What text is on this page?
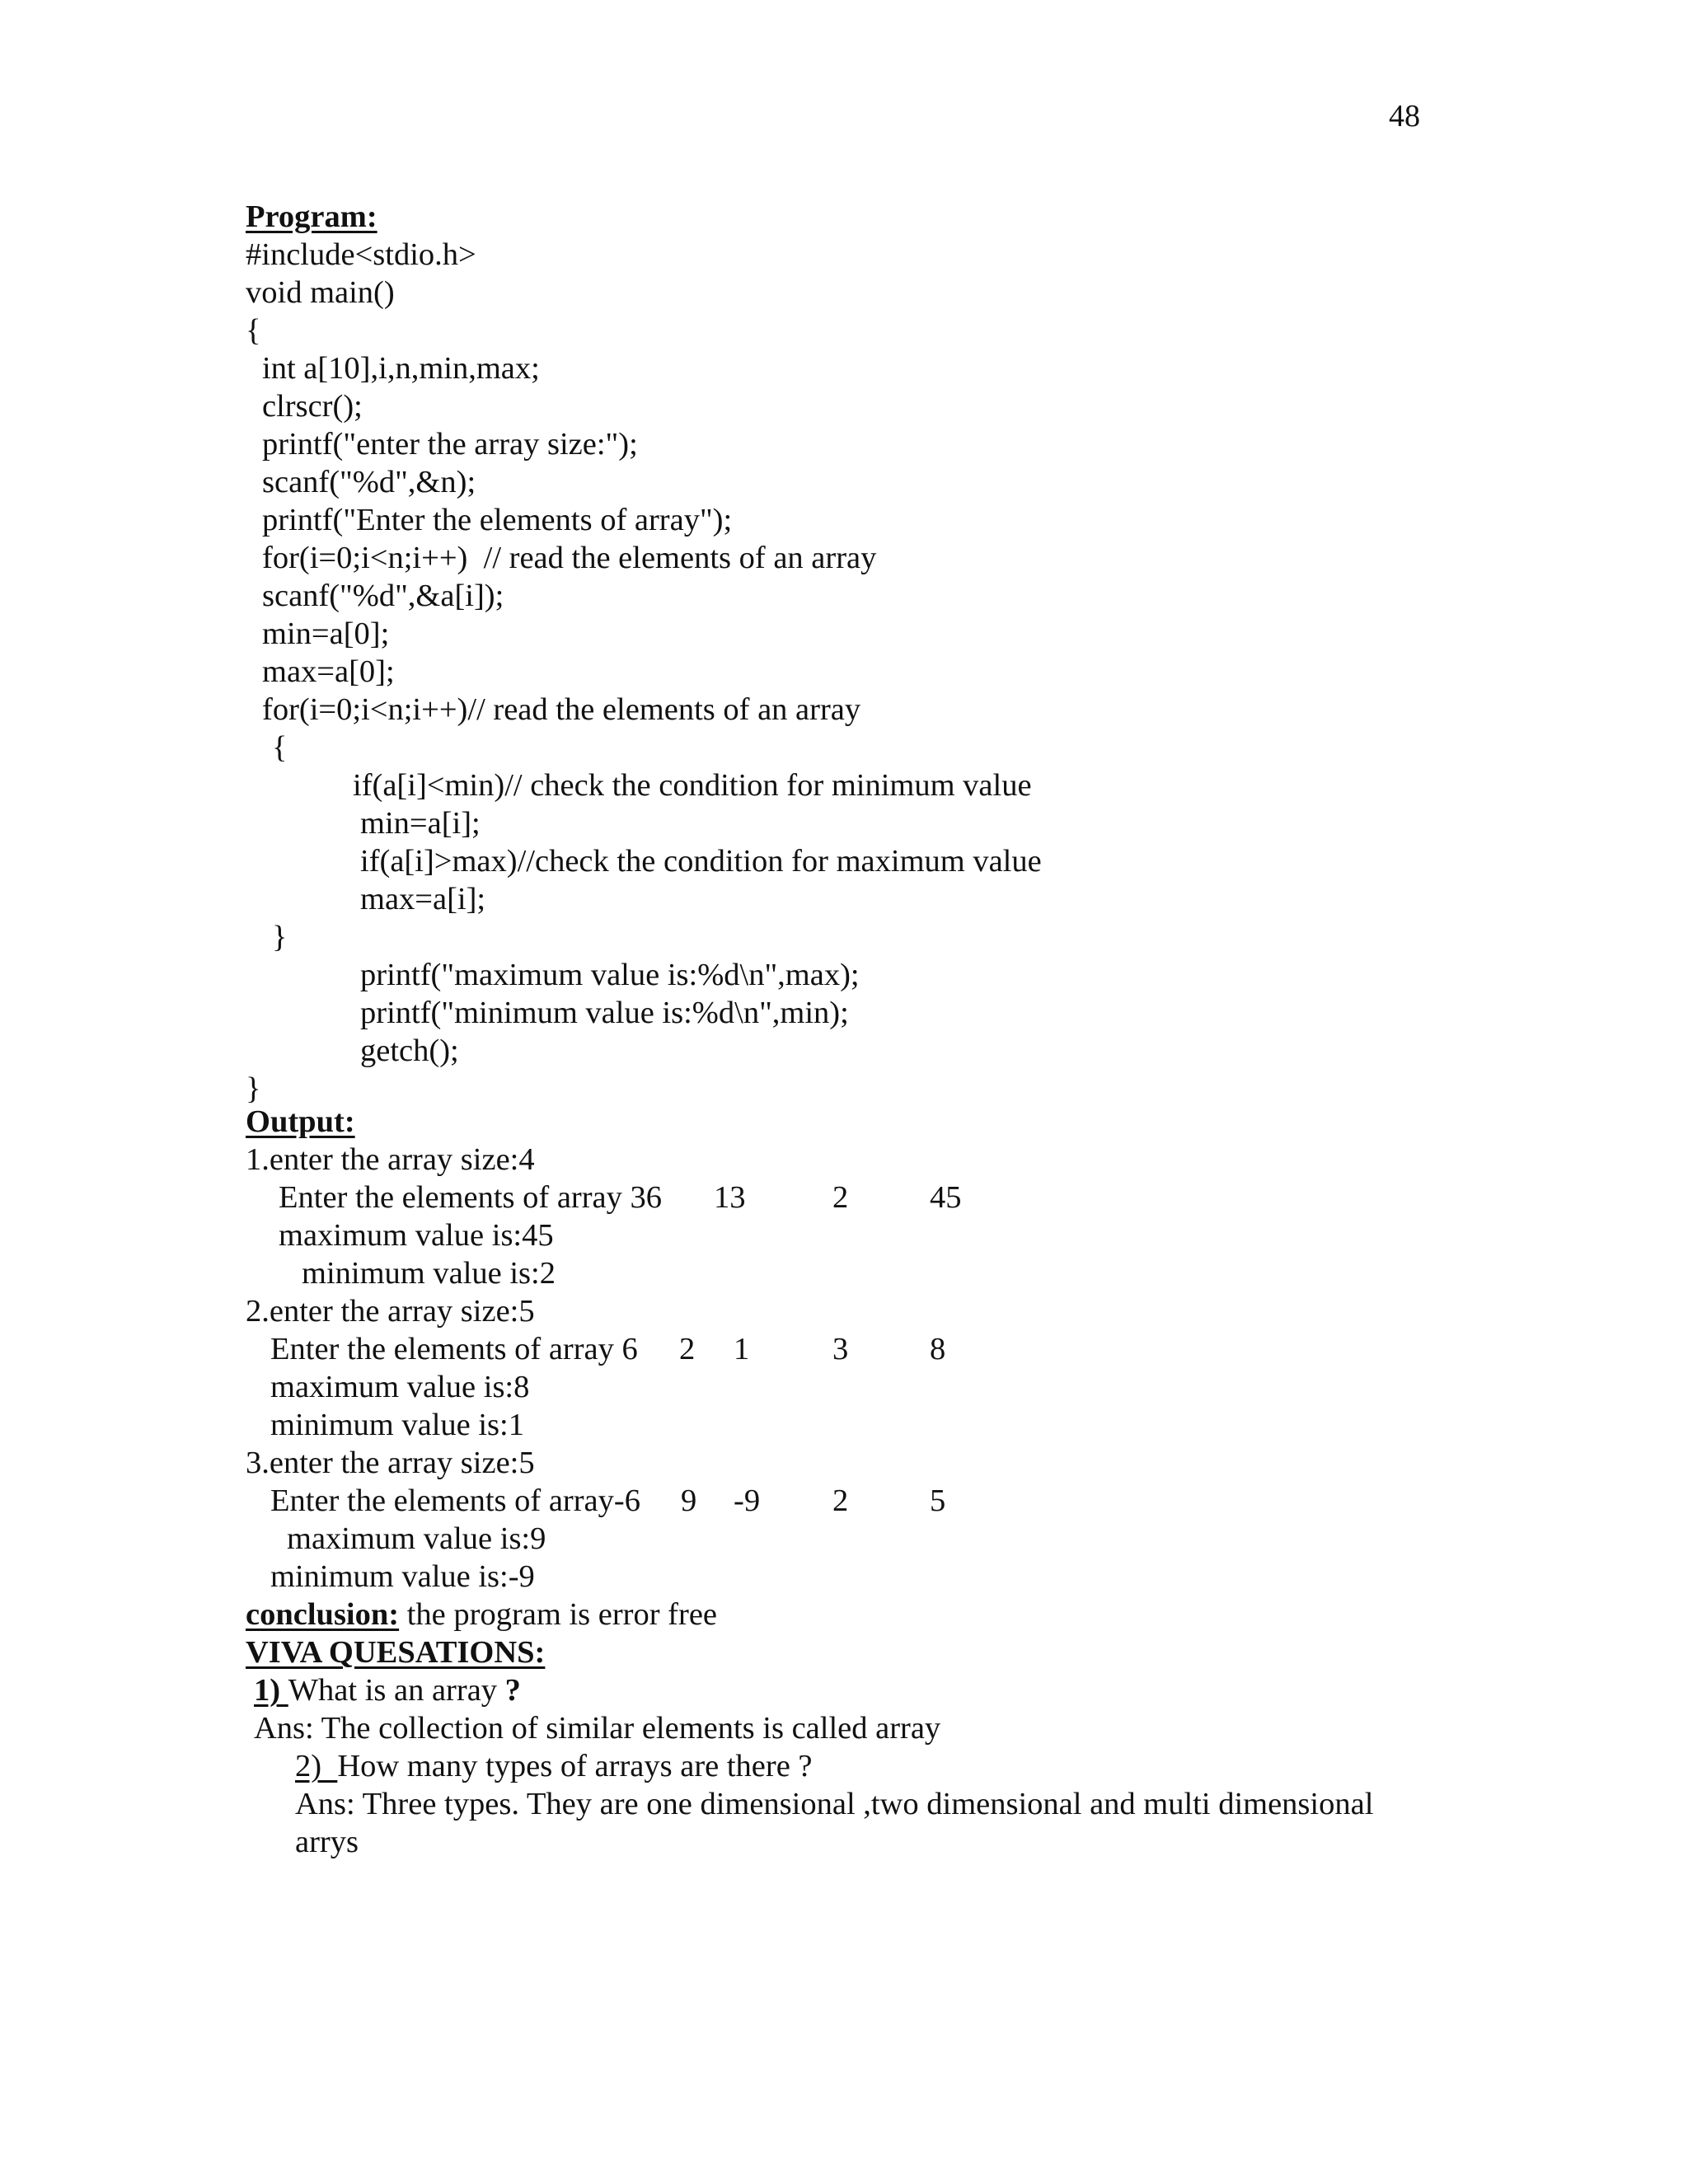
48
Program:
#include<stdio.h>
void main()
{
int a[10],i,n,min,max;
clrscr();
printf("enter the array size:");
scanf("%d",&n);
printf("Enter the elements of array");
for(i=0;i<n;i++)  // read the elements of an array
scanf("%d",&a[i]);
min=a[0];
max=a[0];
for(i=0;i<n;i++)// read the elements of an array
{
if(a[i]<min)// check the condition for minimum value
min=a[i];
if(a[i]>max)//check the condition for maximum value
max=a[i];
}
printf("maximum value is:%d\n",max);
printf("minimum value is:%d\n",min);
getch();
}
Output:
1.enter the array size:4
Enter the elements of array 36 13	2	45
maximum value is:45
minimum value is:2
2.enter the array size:5
Enter the elements of array 6 2 1	3	8
maximum value is:8
minimum value is:1
3.enter the array size:5
Enter the elements of array-6 9 -9 2	5
maximum value is:9
minimum value is:-9
conclusion: the program is error free
VIVA QUESATIONS:
1) What is an array ?
Ans: The collection of similar elements is called array
2)  How many types of arrays are there ?
Ans: Three types. They are one dimensional ,two dimensional and multi dimensional
arrys
